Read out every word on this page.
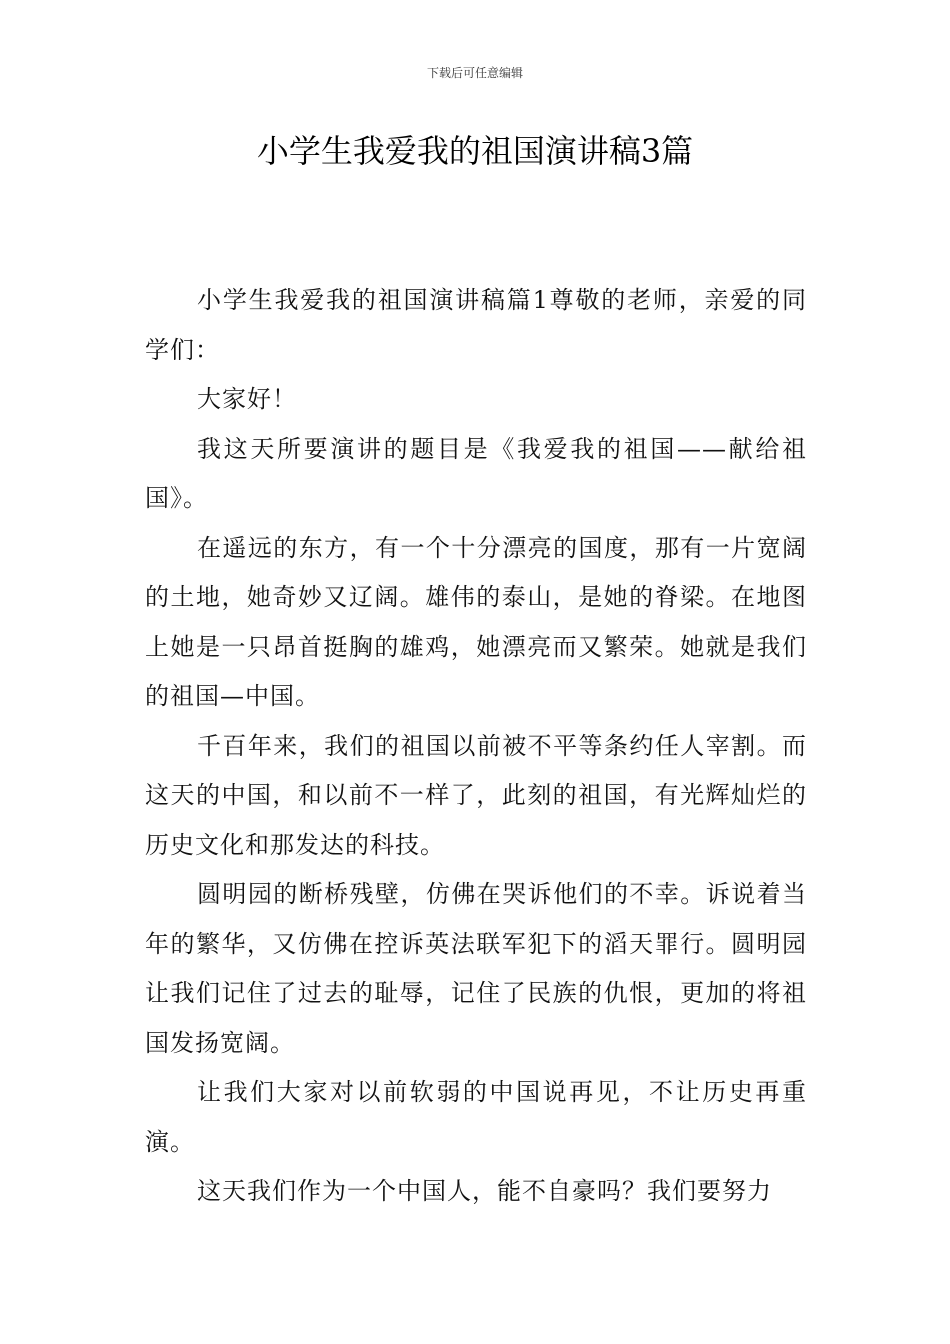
下载后可任意编辑
小学生我爱我的祖国演讲稿3篇

小学生我爱我的祖国演讲稿篇1尊敬的老师，亲爱的同学们：

大家好！

我这天所要演讲的题目是《我爱我的祖国——献给祖国》。

在遥远的东方，有一个十分漂亮的国度，那有一片宽阔的土地，她奇妙又辽阔。雄伟的泰山，是她的脊梁。在地图上她是一只昂首挺胸的雄鸡，她漂亮而又繁荣。她就是我们的祖国—中国。

千百年来，我们的祖国以前被不平等条约任人宰割。而这天的中国，和以前不一样了，此刻的祖国，有光辉灿烂的历史文化和那发达的科技。

圆明园的断桥残壁，仿佛在哭诉他们的不幸。诉说着当年的繁华，又仿佛在控诉英法联军犯下的滔天罪行。圆明园让我们记住了过去的耻辱，记住了民族的仇恨，更加的将祖国发扬宽阔。

让我们大家对以前软弱的中国说再见，不让历史再重演。

这天我们作为一个中国人，能不自豪吗？我们要努力
